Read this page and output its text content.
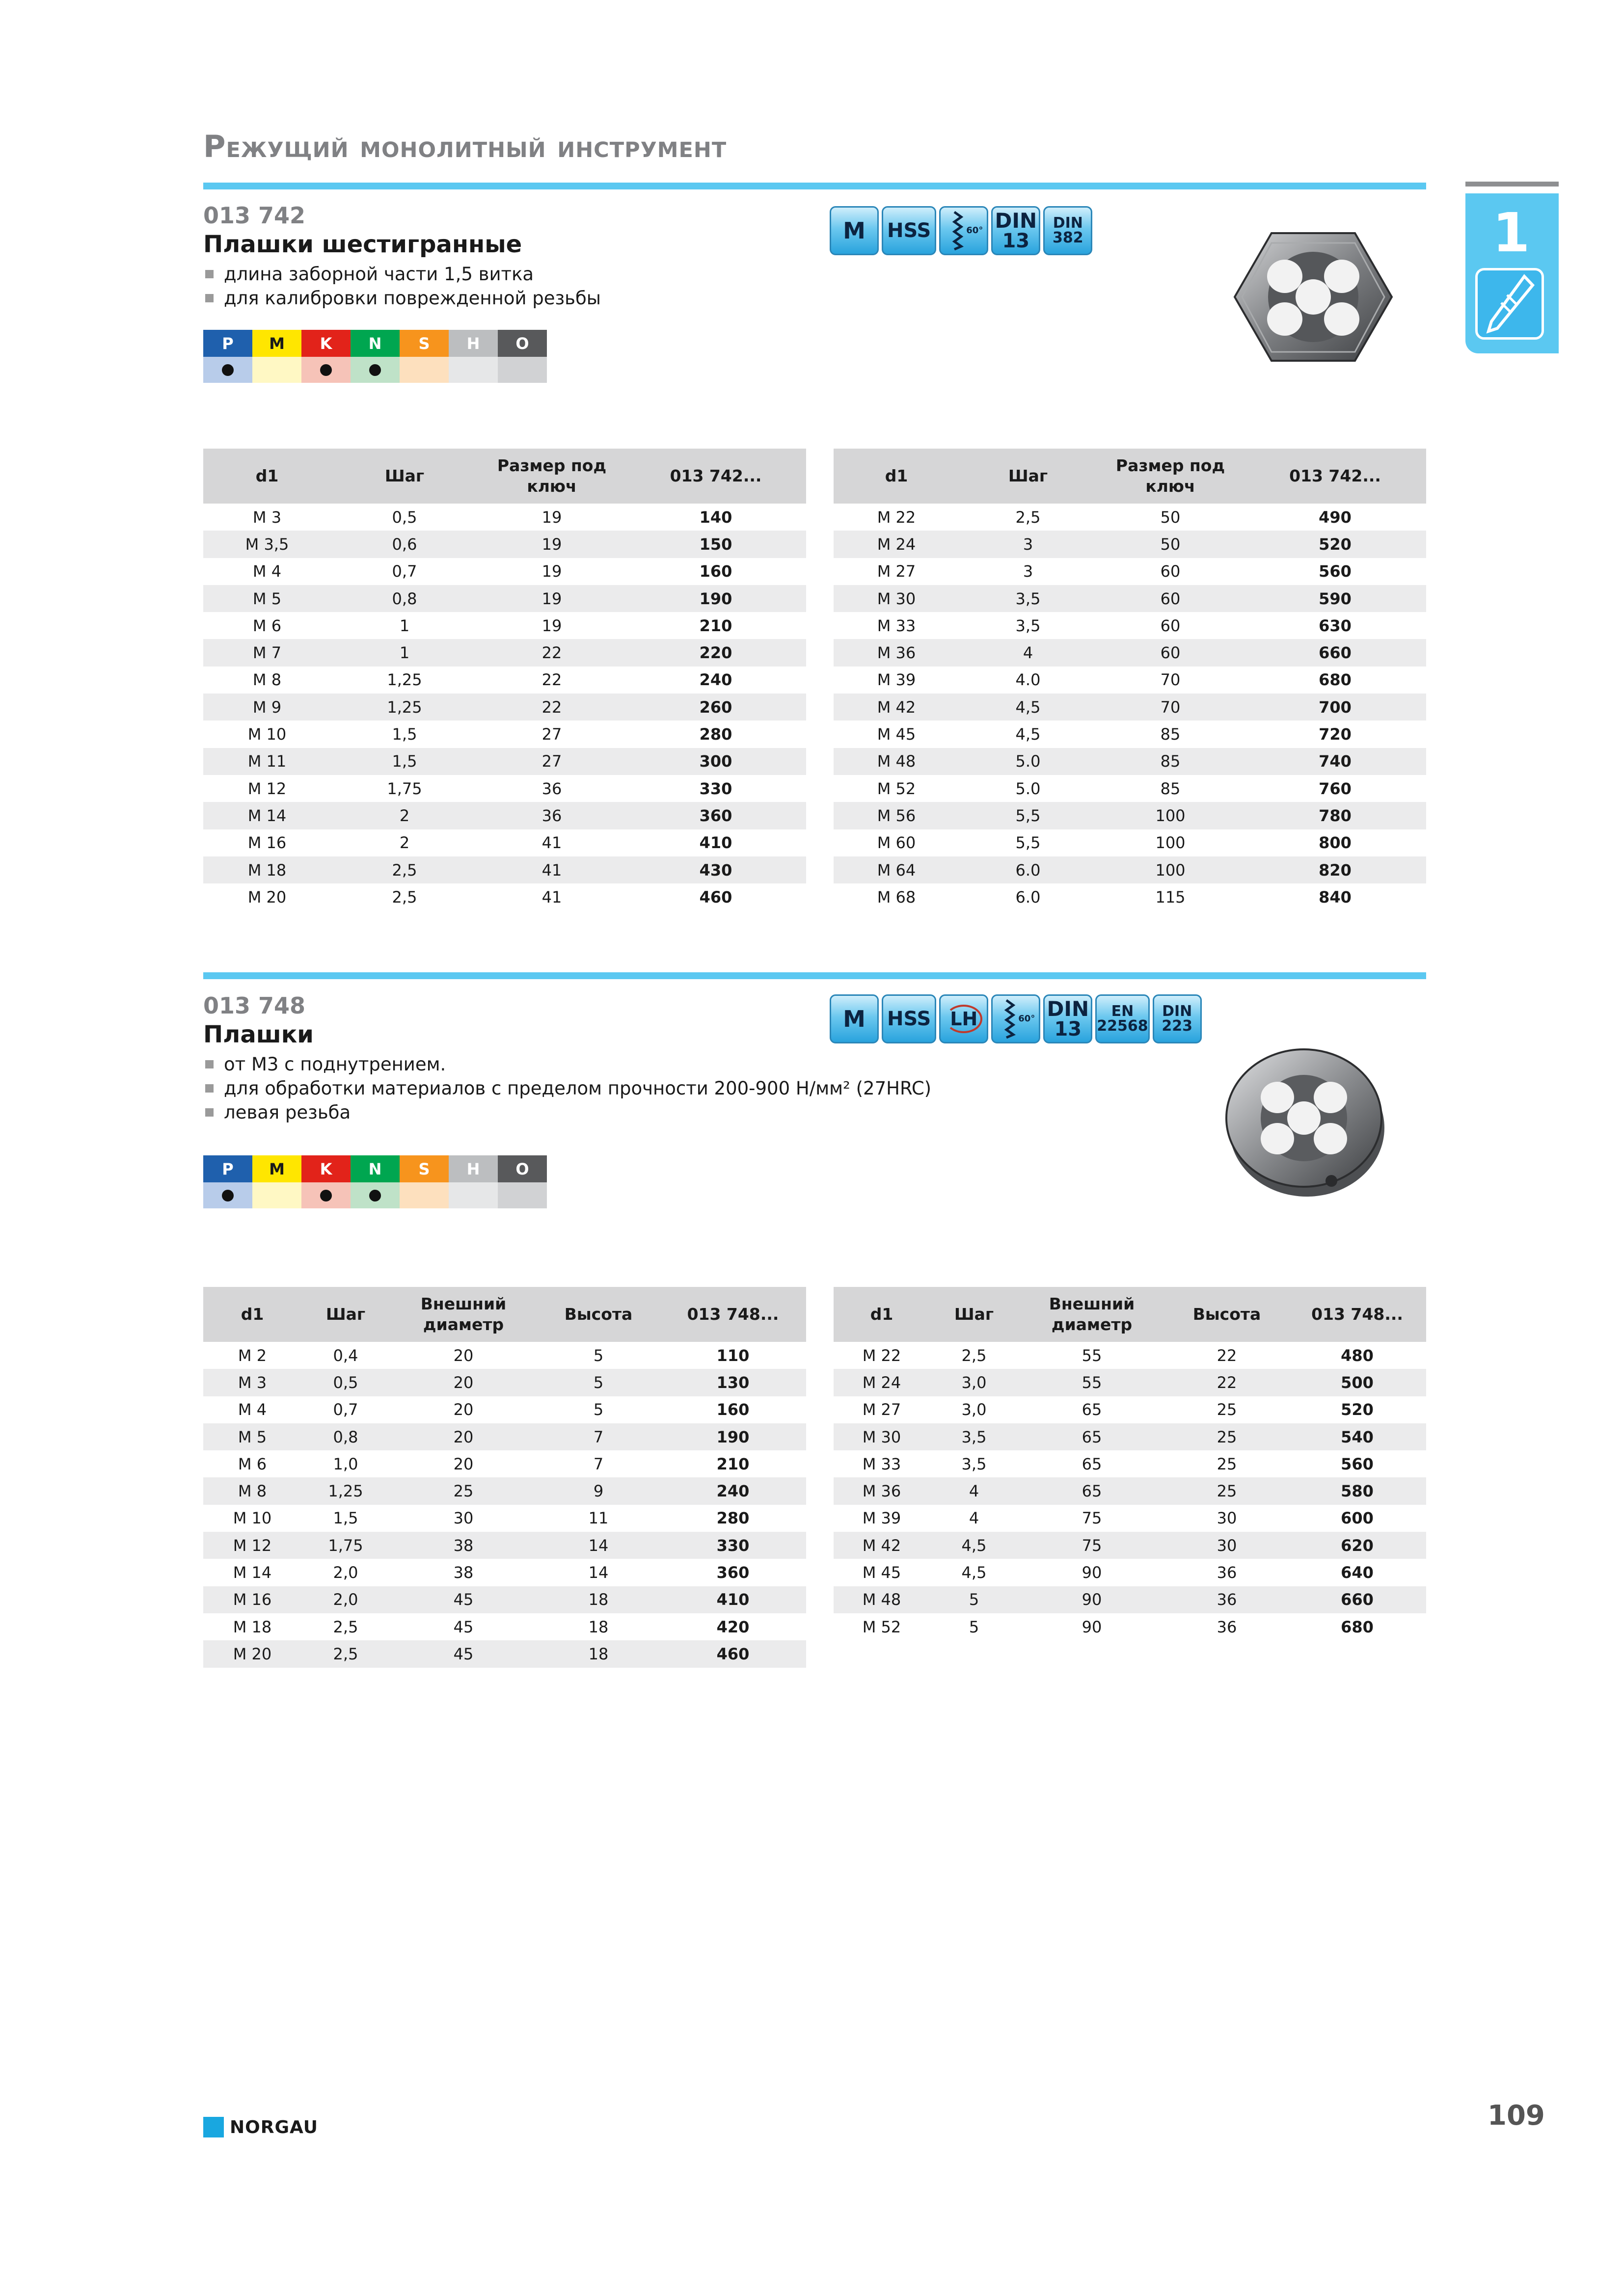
Режущий монолитный инструмент
1
013 742
Плашки шестигранные
длина заборной части 1,5 витка
для калибровки поврежденной резьбы
P	M	K	N	S	H	O
M	HSS	60° DIN
13
DIN
382
d1	Шаг	Размер под ключ	013 742...
M 3	0,5	19	140
M 3,5	0,6	19	150
M 4	0,7	19	160
M 5	0,8	19	190
M 6	1	19	210
M 7	1	22	220
M 8	1,25	22	240
M 9	1,25	22	260
M 10	1,5	27	280
M 11	1,5	27	300
M 12	1,75	36	330
M 14	2	36	360
M 16	2	41	410
M 18	2,5	41	430
M 20	2,5	41	460
d1	Шаг	Размер под ключ	013 742...
M 22	2,5	50	490
M 24	3	50	520
M 27	3	60	560
M 30	3,5	60	590
M 33	3,5	60	630
M 36	4	60	660
M 39	4.0	70	680
M 42	4,5	70	700
M 45	4,5	85	720
M 48	5.0	85	740
M 52	5.0	85	760
M 56	5,5	100	780
M 60	5,5	100	800
M 64	6.0	100	820
M 68	6.0	115	840
013 748
Плашки
от М3 с поднутрением.
для обработки материалов с пределом прочности 200-900 Н/мм² (27HRC)
левая резьба
P	M	K	N	S	H	O
M	HSS LH	60° DIN
13
EN
22568
DIN
223
d1	Шаг	Внешний диаметр	Высота	013 748...
M 2	0,4	20	5	110
M 3	0,5	20	5	130
M 4	0,7	20	5	160
M 5	0,8	20	7	190
M 6	1,0	20	7	210
M 8	1,25	25	9	240
M 10	1,5	30	11	280
M 12	1,75	38	14	330
M 14	2,0	38	14	360
M 16	2,0	45	18	410
M 18	2,5	45	18	420
M 20	2,5	45	18	460
d1	Шаг	Внешний диаметр	Высота	013 748...
M 22	2,5	55	22	480
M 24	3,0	55	22	500
M 27	3,0	65	25	520
M 30	3,5	65	25	540
M 33	3,5	65	25	560
M 36	4	65	25	580
M 39	4	75	30	600
M 42	4,5	75	30	620
M 45	4,5	90	36	640
M 48	5	90	36	660
M 52	5	90	36	680
NORGAU	109
